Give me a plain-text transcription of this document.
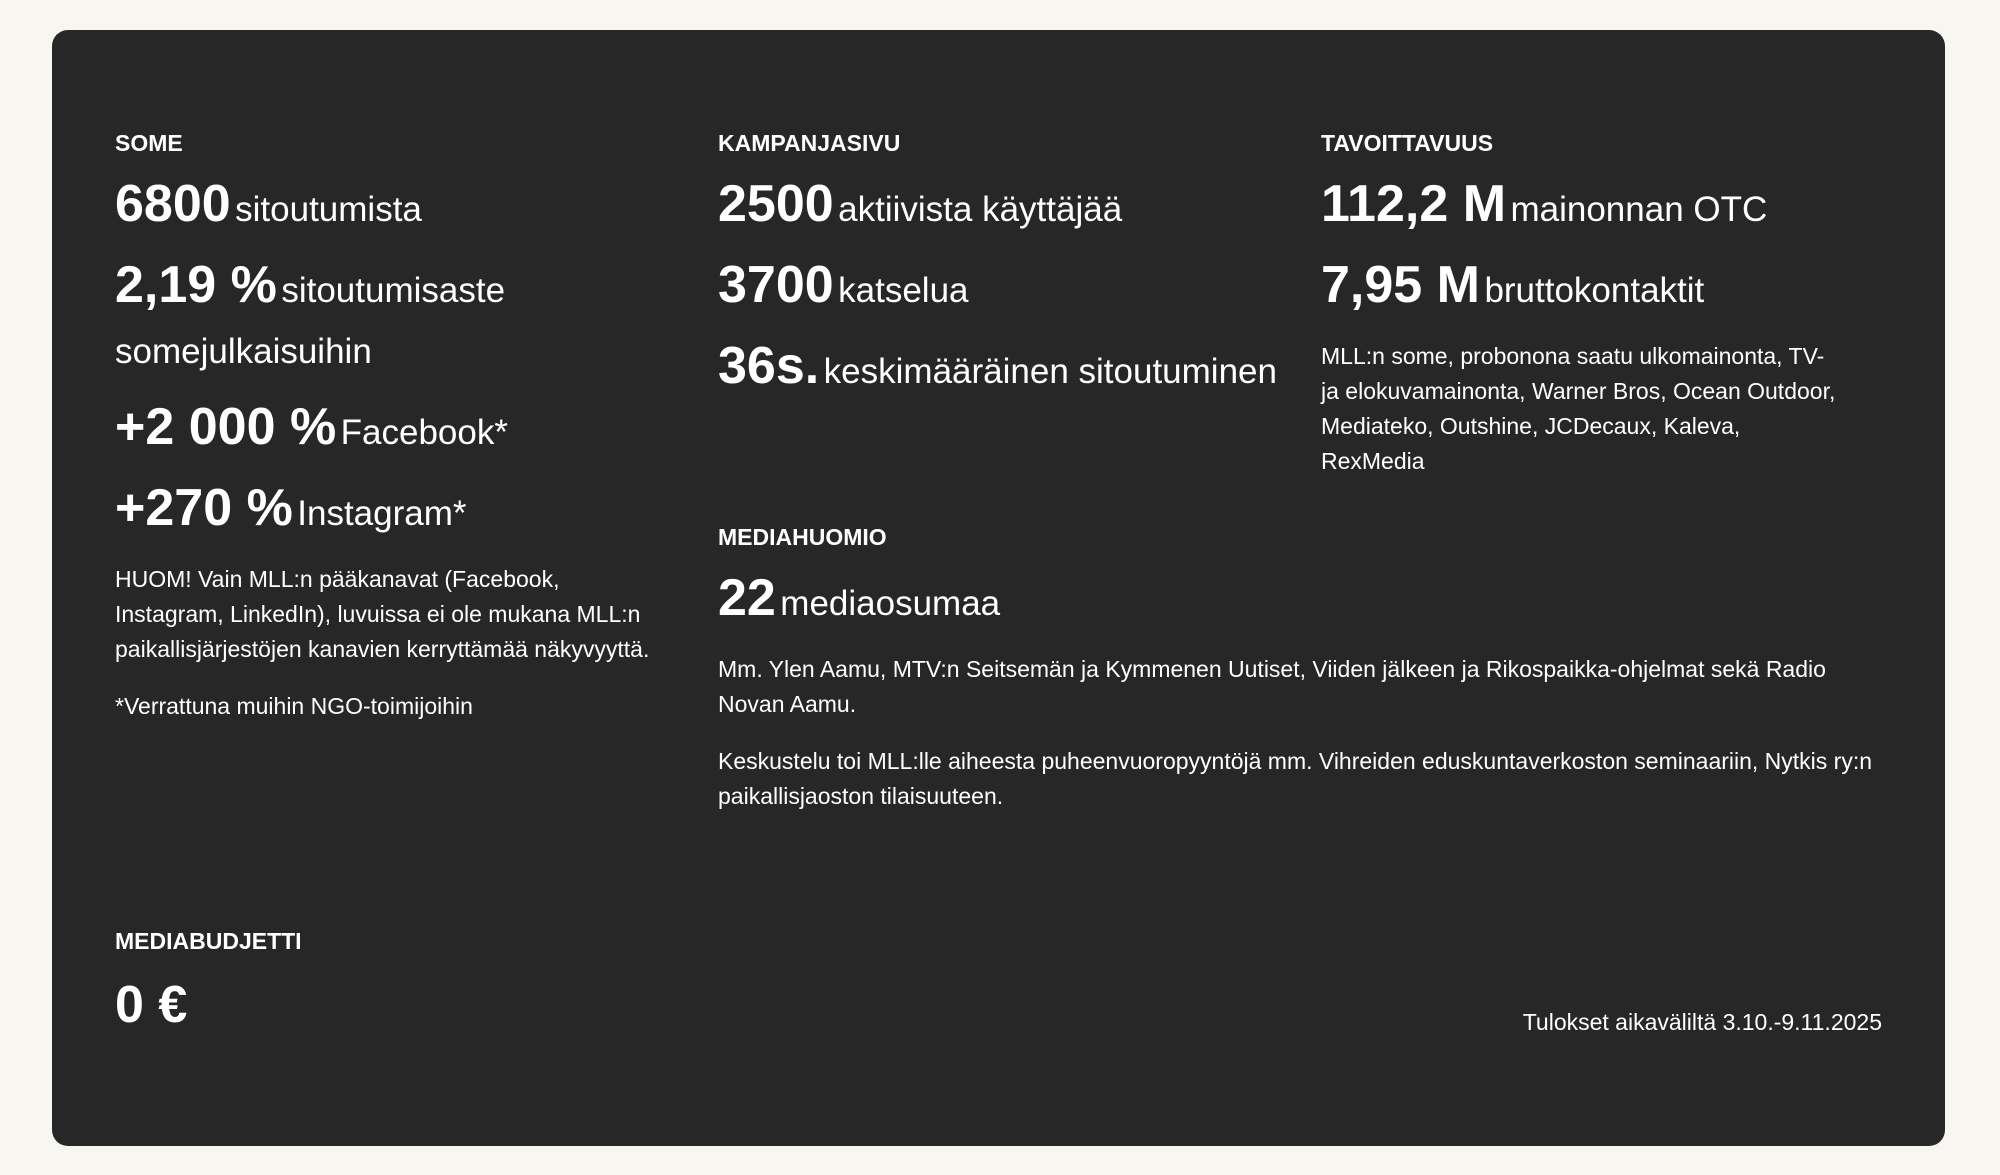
SOME
6800 sitoutumista
2,19 % sitoutumisaste somejulkaisuihin
+2 000 % Facebook*
+270 % Instagram*

HUOM! Vain MLL:n pääkanavat (Facebook, Instagram, LinkedIn), luvuissa ei ole mukana MLL:n paikallisjärjestöjen kanavien kerryttämää näkyvyyttä.

*Verrattuna muihin NGO-toimijoihin

KAMPANJASIVU
2500 aktiivista käyttäjää
3700 katselua
36s. keskimääräinen sitoutuminen
TAVOITTAVUUS
112,2 M mainonnan OTC
7,95 M bruttokontaktit

MLL:n some, probonona saatu ulkomainonta, TV- ja elokuvamainonta, Warner Bros, Ocean Outdoor, Mediateko, Outshine, JCDecaux, Kaleva, RexMedia

MEDIAHUOMIO
22 mediaosumaa

Mm. Ylen Aamu, MTV:n Seitsemän ja Kymmenen Uutiset, Viiden jälkeen ja Rikospaikka-ohjelmat sekä Radio Novan Aamu.

Keskustelu toi MLL:lle aiheesta puheenvuoropyyntöjä mm. Vihreiden eduskuntaverkoston seminaariin, Nytkis ry:n paikallisjaoston tilaisuuteen.

MEDIABUDJETTI
0 €	Tulokset aikaväliltä 3.10.-9.11.2025
